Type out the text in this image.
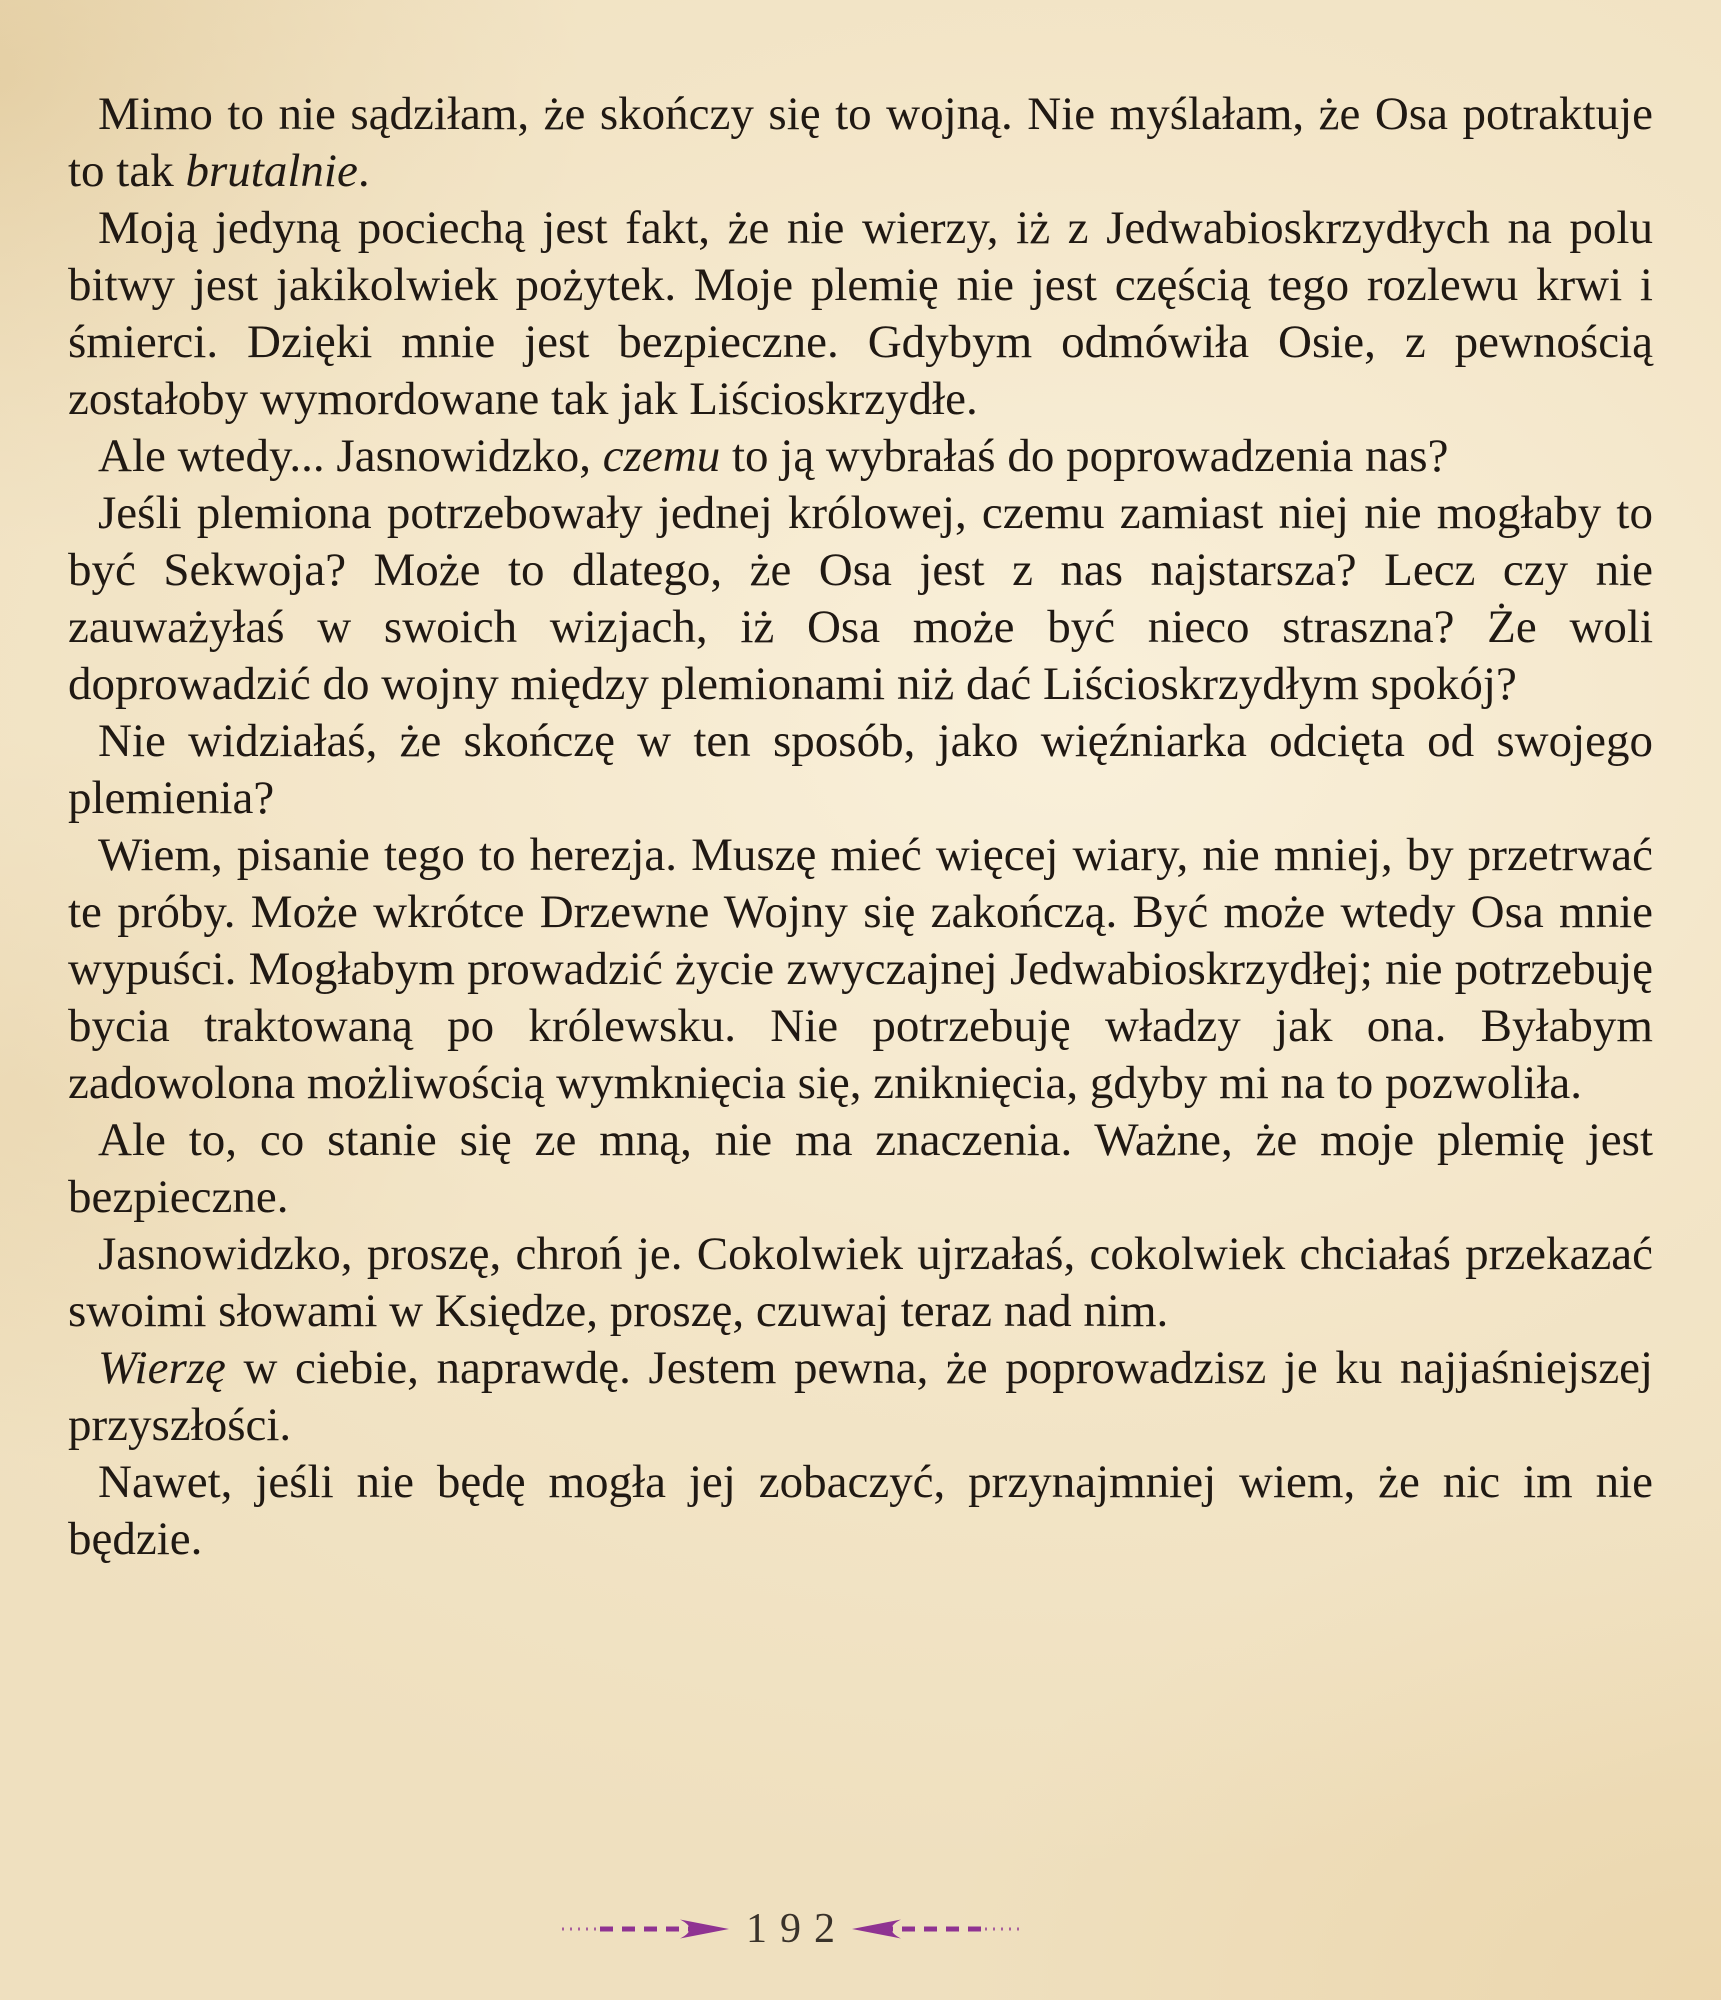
Mimo to nie sądziłam, że skończy się to wojną. Nie myślałam, że Osa potraktuje to tak brutalnie.

Moją jedyną pociechą jest fakt, że nie wierzy, iż z Jedwabioskrzydłych na polu bitwy jest jakikolwiek pożytek. Moje plemię nie jest częścią tego rozlewu krwi i śmierci. Dzięki mnie jest bezpieczne. Gdybym odmówiła Osie, z pewnością zostałoby wymordowane tak jak Liścioskrzydłe.

Ale wtedy... Jasnowidzko, czemu to ją wybrałaś do poprowadzenia nas?

Jeśli plemiona potrzebowały jednej królowej, czemu zamiast niej nie mogłaby to być Sekwoja? Może to dlatego, że Osa jest z nas najstarsza? Lecz czy nie zauważyłaś w swoich wizjach, iż Osa może być nieco straszna? Że woli doprowadzić do wojny między plemionami niż dać Liścioskrzydłym spokój?

Nie widziałaś, że skończę w ten sposób, jako więźniarka odcięta od swojego plemienia?

Wiem, pisanie tego to herezja. Muszę mieć więcej wiary, nie mniej, by przetrwać te próby. Może wkrótce Drzewne Wojny się zakończą. Być może wtedy Osa mnie wypuści. Mogłabym prowadzić życie zwyczajnej Jedwabioskrzydłej; nie potrzebuję bycia traktowaną po królewsku. Nie potrzebuję władzy jak ona. Byłabym zadowolona możliwością wymknięcia się, zniknięcia, gdyby mi na to pozwoliła.

Ale to, co stanie się ze mną, nie ma znaczenia. Ważne, że moje plemię jest bezpieczne.

Jasnowidzko, proszę, chroń je. Cokolwiek ujrzałaś, cokolwiek chciałaś przekazać swoimi słowami w Księdze, proszę, czuwaj teraz nad nim.

Wierzę w ciebie, naprawdę. Jestem pewna, że poprowadzisz je ku najjaśniejszej przyszłości.

Nawet, jeśli nie będę mogła jej zobaczyć, przynajmniej wiem, że nic im nie będzie.

192
